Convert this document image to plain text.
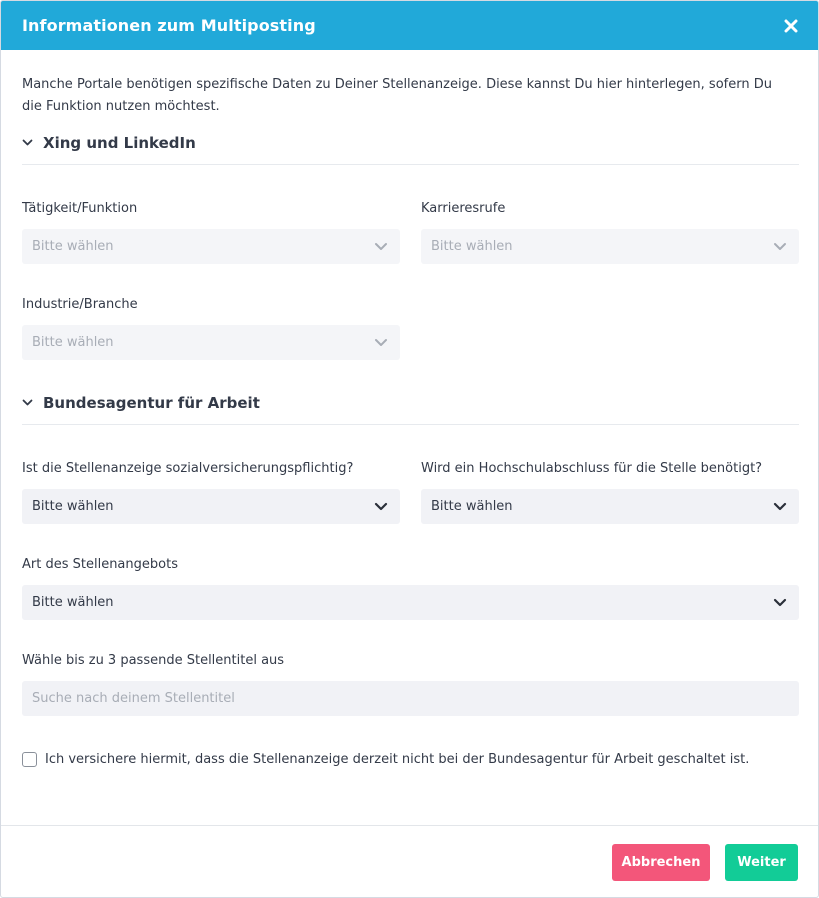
Informationen zum Multiposting

Manche Portale benötigen spezifische Daten zu Deiner Stellenanzeige. Diese kannst Du hier hinterlegen, sofern Du die Funktion nutzen möchtest.

Xing und LinkedIn
Tätigkeit/Funktion
Bitte wählen
Karrieresrufe
Bitte wählen
Industrie/Branche
Bitte wählen
Bundesagentur für Arbeit
Ist die Stellenanzeige sozialversicherungspflichtig?
Bitte wählen
Wird ein Hochschulabschluss für die Stelle benötigt?
Bitte wählen
Art des Stellenangebots
Bitte wählen
Wähle bis zu 3 passende Stellentitel aus
Suche nach deinem Stellentitel
Ich versichere hiermit, dass die Stellenanzeige derzeit nicht bei der Bundesagentur für Arbeit geschaltet ist.
Abbrechen	Weiter
